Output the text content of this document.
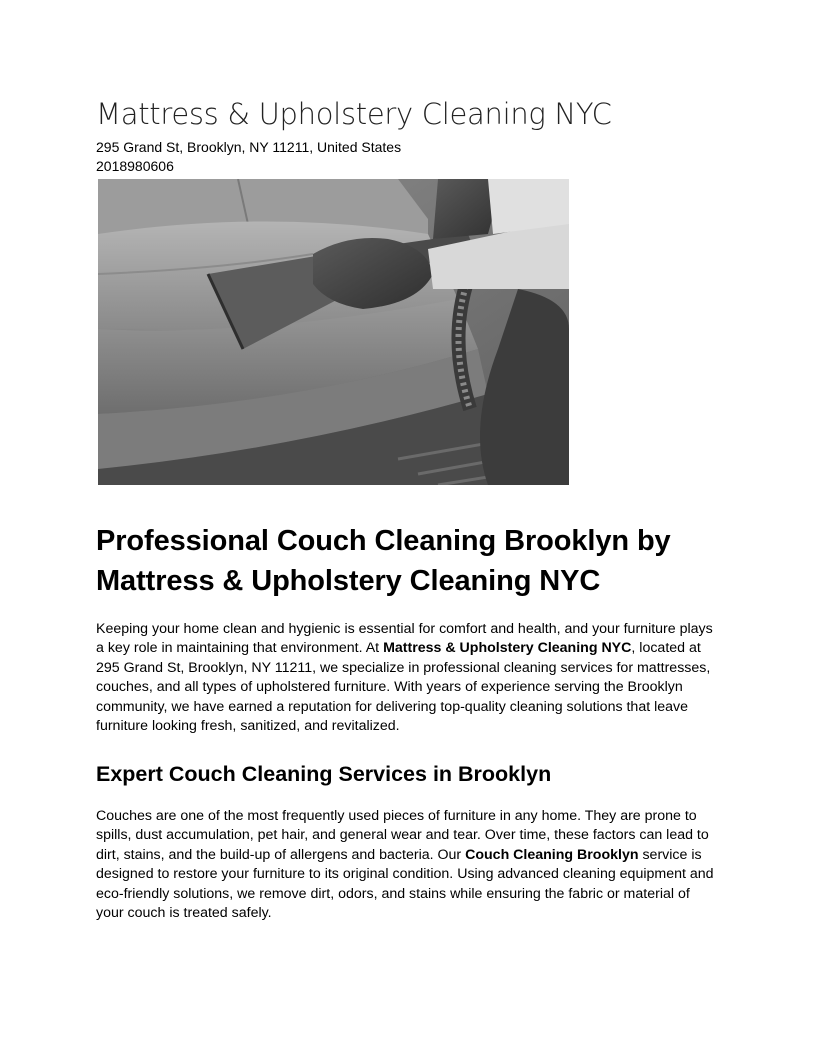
Mattress & Upholstery Cleaning NYC
295 Grand St, Brooklyn, NY 11211, United States
2018980606
Professional Couch Cleaning Brooklyn by Mattress & Upholstery Cleaning NYC

Keeping your home clean and hygienic is essential for comfort and health, and your furniture plays a key role in maintaining that environment. At Mattress & Upholstery Cleaning NYC, located at 295 Grand St, Brooklyn, NY 11211, we specialize in professional cleaning services for mattresses, couches, and all types of upholstered furniture. With years of experience serving the Brooklyn community, we have earned a reputation for delivering top-quality cleaning solutions that leave furniture looking fresh, sanitized, and revitalized.

Expert Couch Cleaning Services in Brooklyn

Couches are one of the most frequently used pieces of furniture in any home. They are prone to spills, dust accumulation, pet hair, and general wear and tear. Over time, these factors can lead to dirt, stains, and the build-up of allergens and bacteria. Our Couch Cleaning Brooklyn service is designed to restore your furniture to its original condition. Using advanced cleaning equipment and eco-friendly solutions, we remove dirt, odors, and stains while ensuring the fabric or material of your couch is treated safely.
